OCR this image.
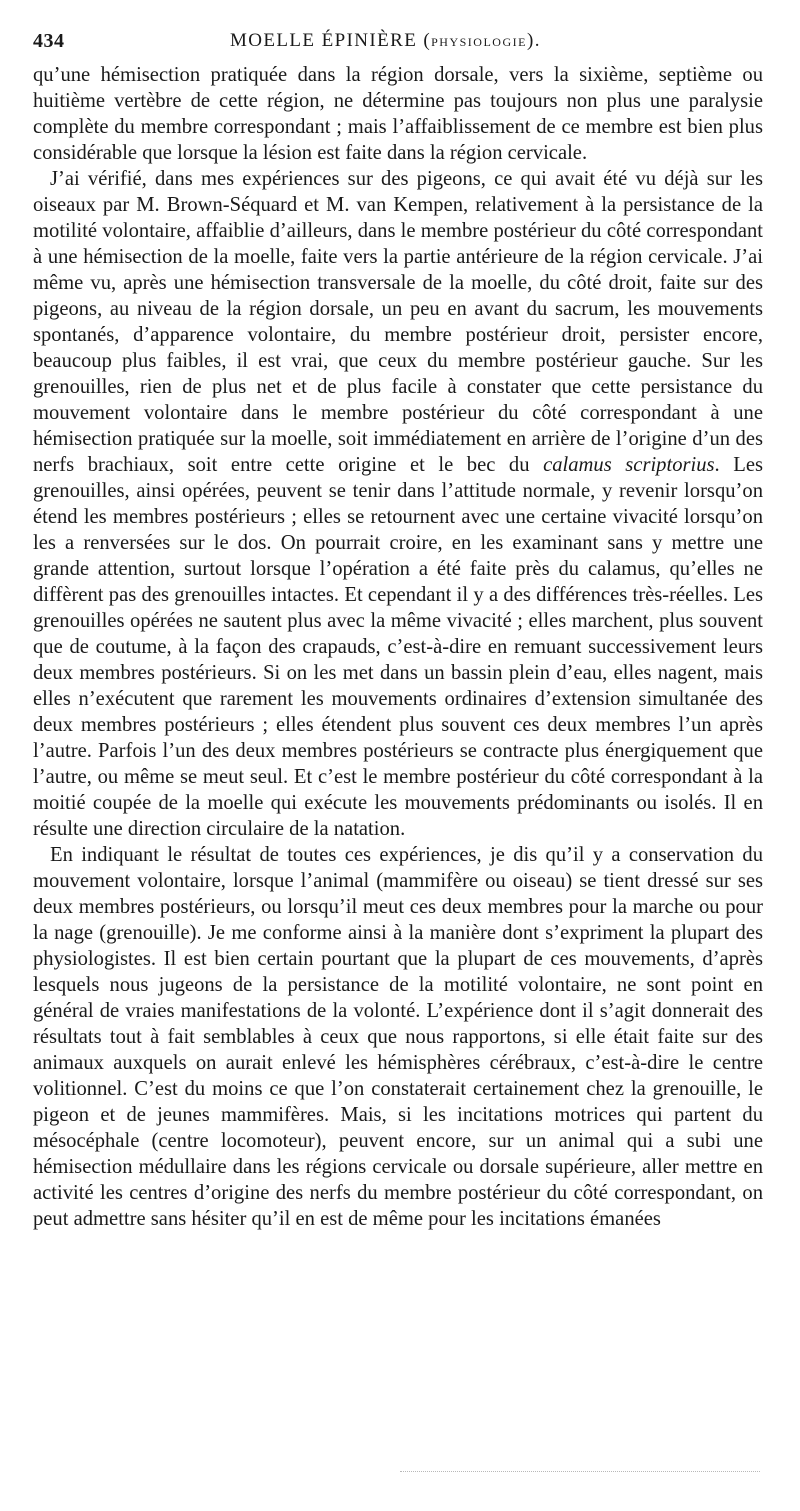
434	MOELLE ÉPINIÈRE (PHYSIOLOGIE).

qu’une hémisection pratiquée dans la région dorsale, vers la sixième, septième ou huitième vertèbre de cette région, ne détermine pas toujours non plus une paralysie complète du membre correspondant ; mais l’affaiblissement de ce membre est bien plus considérable que lorsque la lésion est faite dans la région cervicale.

J’ai vérifié, dans mes expériences sur des pigeons, ce qui avait été vu déjà sur les oiseaux par M. Brown-Séquard et M. van Kempen, relativement à la persistance de la motilité volontaire, affaiblie d’ailleurs, dans le membre postérieur du côté correspondant à une hémisection de la moelle, faite vers la partie antérieure de la région cervicale. J’ai même vu, après une hémisection transversale de la moelle, du côté droit, faite sur des pigeons, au niveau de la région dorsale, un peu en avant du sacrum, les mouvements spontanés, d’apparence volontaire, du membre postérieur droit, persister encore, beaucoup plus faibles, il est vrai, que ceux du membre postérieur gauche. Sur les grenouilles, rien de plus net et de plus facile à constater que cette persistance du mouvement volontaire dans le membre postérieur du côté correspondant à une hémisection pratiquée sur la moelle, soit immédiatement en arrière de l’origine d’un des nerfs brachiaux, soit entre cette origine et le bec du calamus scriptorius. Les grenouilles, ainsi opérées, peuvent se tenir dans l’attitude normale, y revenir lorsqu’on étend les membres postérieurs ; elles se retournent avec une certaine vivacité lorsqu’on les a renversées sur le dos. On pourrait croire, en les examinant sans y mettre une grande attention, surtout lorsque l’opération a été faite près du calamus, qu’elles ne diffèrent pas des grenouilles intactes. Et cependant il y a des différences très-réelles. Les grenouilles opérées ne sautent plus avec la même vivacité ; elles marchent, plus souvent que de coutume, à la façon des crapauds, c’est-à-dire en remuant successivement leurs deux membres postérieurs. Si on les met dans un bassin plein d’eau, elles nagent, mais elles n’exécutent que rarement les mouvements ordinaires d’extension simultanée des deux membres postérieurs ; elles étendent plus souvent ces deux membres l’un après l’autre. Parfois l’un des deux membres postérieurs se contracte plus énergiquement que l’autre, ou même se meut seul. Et c’est le membre postérieur du côté correspondant à la moitié coupée de la moelle qui exécute les mouvements prédominants ou isolés. Il en résulte une direction circulaire de la natation.

En indiquant le résultat de toutes ces expériences, je dis qu’il y a conservation du mouvement volontaire, lorsque l’animal (mammifère ou oiseau) se tient dressé sur ses deux membres postérieurs, ou lorsqu’il meut ces deux membres pour la marche ou pour la nage (grenouille). Je me conforme ainsi à la manière dont s’expriment la plupart des physiologistes. Il est bien certain pourtant que la plupart de ces mouvements, d’après lesquels nous jugeons de la persistance de la motilité volontaire, ne sont point en général de vraies manifestations de la volonté. L’expérience dont il s’agit donnerait des résultats tout à fait semblables à ceux que nous rapportons, si elle était faite sur des animaux auxquels on aurait enlevé les hémisphères cérébraux, c’est-à-dire le centre volitionnel. C’est du moins ce que l’on constaterait certainement chez la grenouille, le pigeon et de jeunes mammifères. Mais, si les incitations motrices qui partent du mésocéphale (centre locomoteur), peuvent encore, sur un animal qui a subi une hémisection médullaire dans les régions cervicale ou dorsale supérieure, aller mettre en activité les centres d’origine des nerfs du membre postérieur du côté correspondant, on peut admettre sans hésiter qu’il en est de même pour les incitations émanées
